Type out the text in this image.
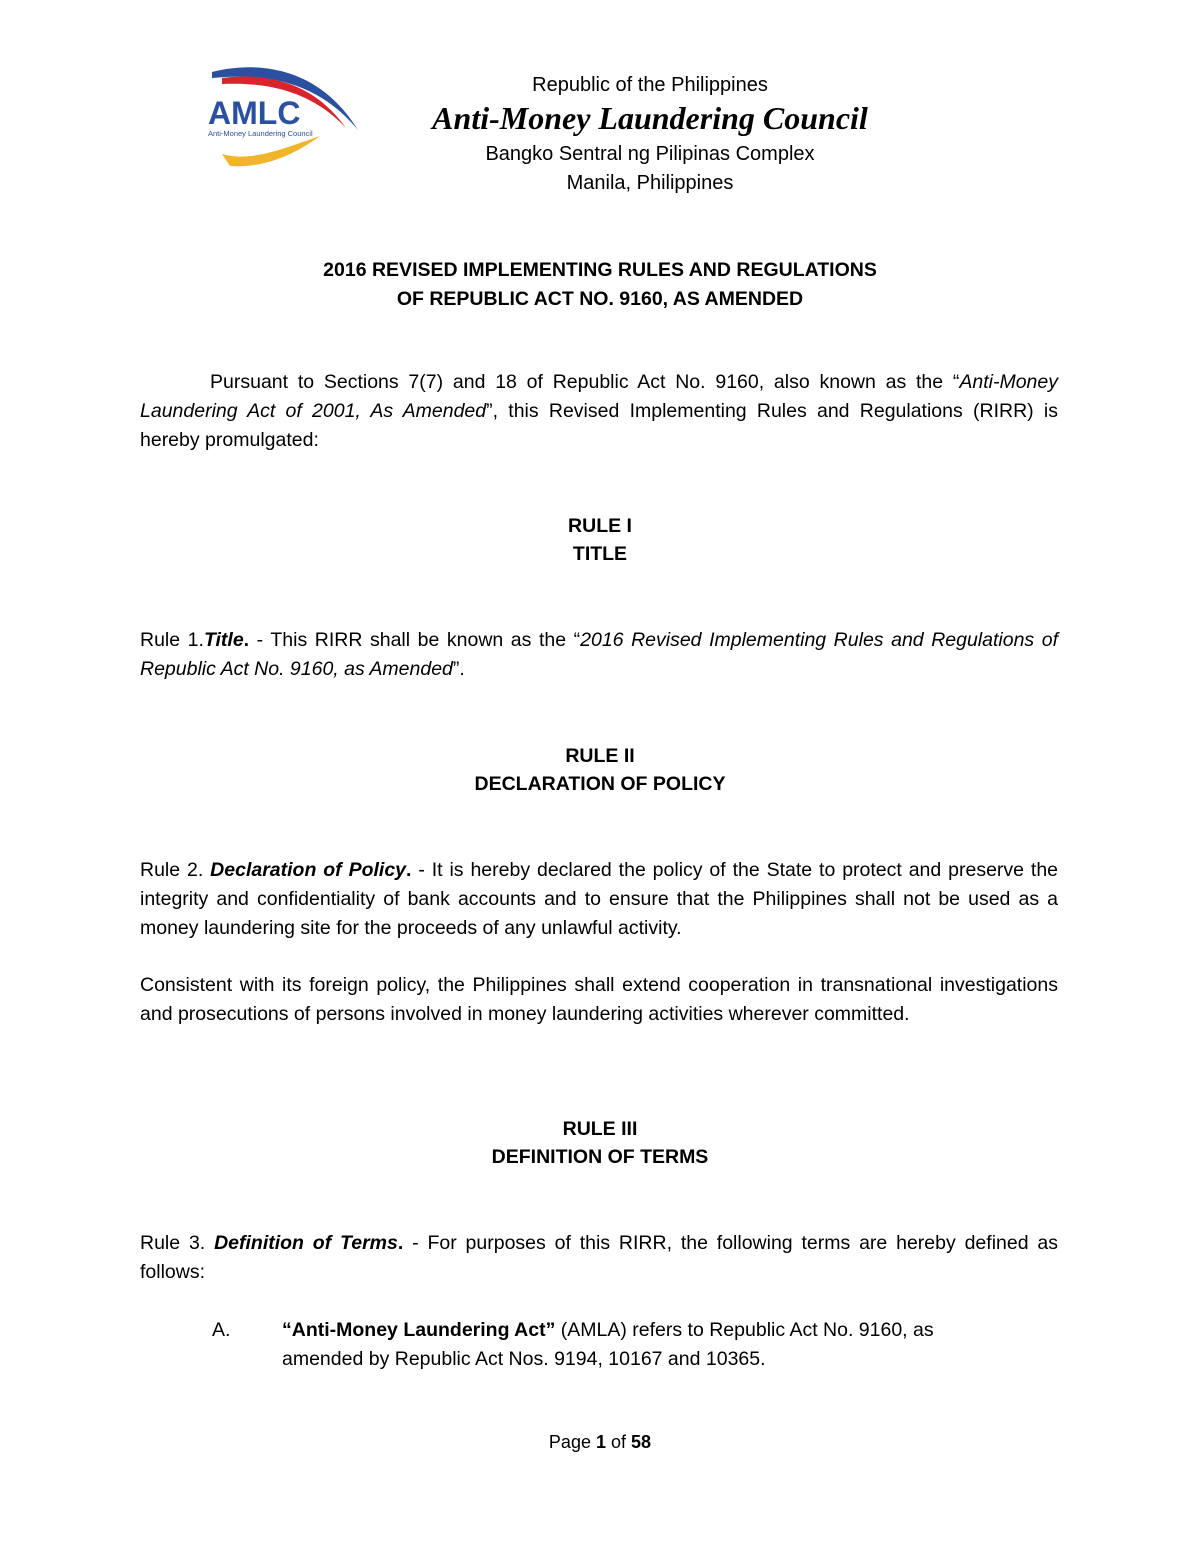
AMLC
Anti-Money Laundering Council
Republic of the Philippines
Anti-Money Laundering Council
Bangko Sentral ng Pilipinas Complex
Manila, Philippines
2016 REVISED IMPLEMENTING RULES AND REGULATIONS
OF REPUBLIC ACT NO. 9160, AS AMENDED
Pursuant to Sections 7(7) and 18 of Republic Act No. 9160, also known as the “Anti-Money Laundering Act of 2001, As Amended”, this Revised Implementing Rules and Regulations (RIRR) is hereby promulgated:
RULE I
TITLE
Rule 1.Title. - This RIRR shall be known as the “2016 Revised Implementing Rules and Regulations of Republic Act No. 9160, as Amended”.
RULE II
DECLARATION OF POLICY
Rule 2. Declaration of Policy. - It is hereby declared the policy of the State to protect and preserve the integrity and confidentiality of bank accounts and to ensure that the Philippines shall not be used as a money laundering site for the proceeds of any unlawful activity.
Consistent with its foreign policy, the Philippines shall extend cooperation in transnational investigations and prosecutions of persons involved in money laundering activities wherever committed.
RULE III
DEFINITION OF TERMS
Rule 3. Definition of Terms. - For purposes of this RIRR, the following terms are hereby defined as follows:
A.	“Anti-Money Laundering Act” (AMLA) refers to Republic Act No. 9160, as amended by Republic Act Nos. 9194, 10167 and 10365.
Page 1 of 58
